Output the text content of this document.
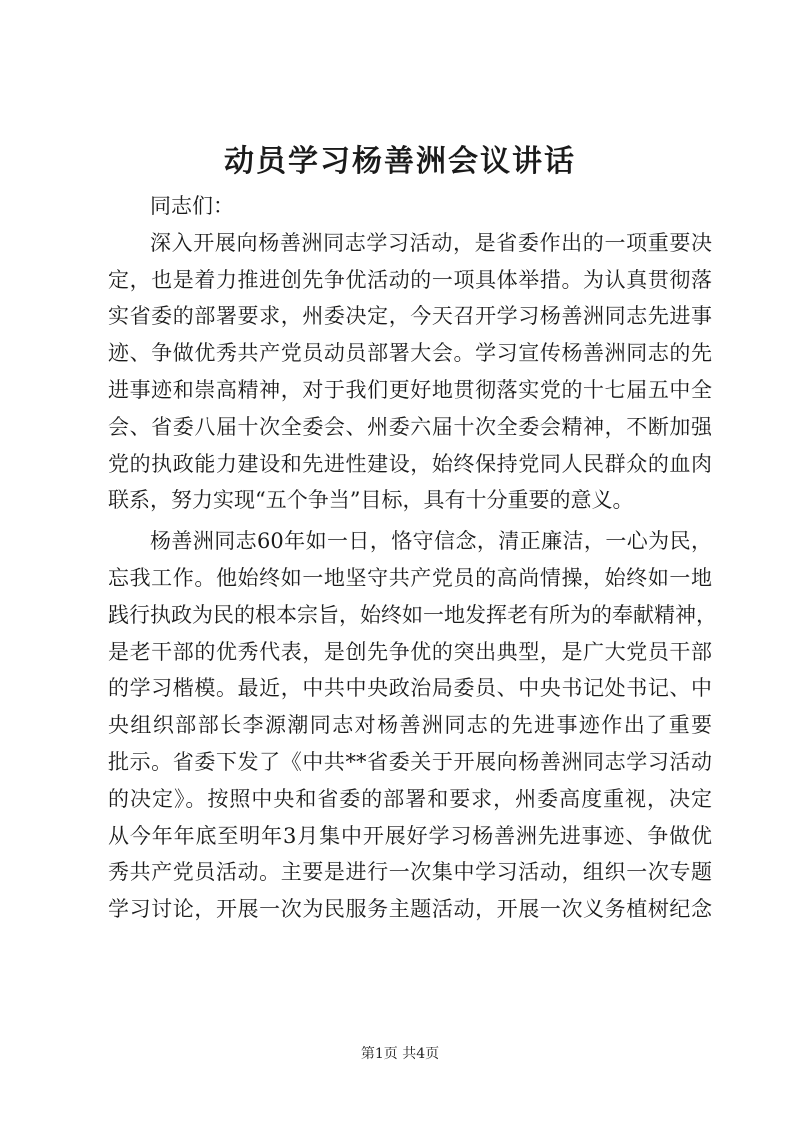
动员学习杨善洲会议讲话
同志们：
深入开展向杨善洲同志学习活动，是省委作出的一项重要决
定，也是着力推进创先争优活动的一项具体举措。为认真贯彻落
实省委的部署要求，州委决定，今天召开学习杨善洲同志先进事
迹、争做优秀共产党员动员部署大会。学习宣传杨善洲同志的先
进事迹和崇高精神，对于我们更好地贯彻落实党的十七届五中全
会、省委八届十次全委会、州委六届十次全委会精神，不断加强
党的执政能力建设和先进性建设，始终保持党同人民群众的血肉
联系，努力实现“五个争当”目标，具有十分重要的意义。
杨善洲同志60年如一日，恪守信念，清正廉洁，一心为民，
忘我工作。他始终如一地坚守共产党员的高尚情操，始终如一地
践行执政为民的根本宗旨，始终如一地发挥老有所为的奉献精神，
是老干部的优秀代表，是创先争优的突出典型，是广大党员干部
的学习楷模。最近，中共中央政治局委员、中央书记处书记、中
央组织部部长李源潮同志对杨善洲同志的先进事迹作出了重要
批示。省委下发了《中共**省委关于开展向杨善洲同志学习活动
的决定》。按照中央和省委的部署和要求，州委高度重视，决定
从今年年底至明年3月集中开展好学习杨善洲先进事迹、争做优
秀共产党员活动。主要是进行一次集中学习活动，组织一次专题
学习讨论，开展一次为民服务主题活动，开展一次义务植树纪念
第1页 共4页
